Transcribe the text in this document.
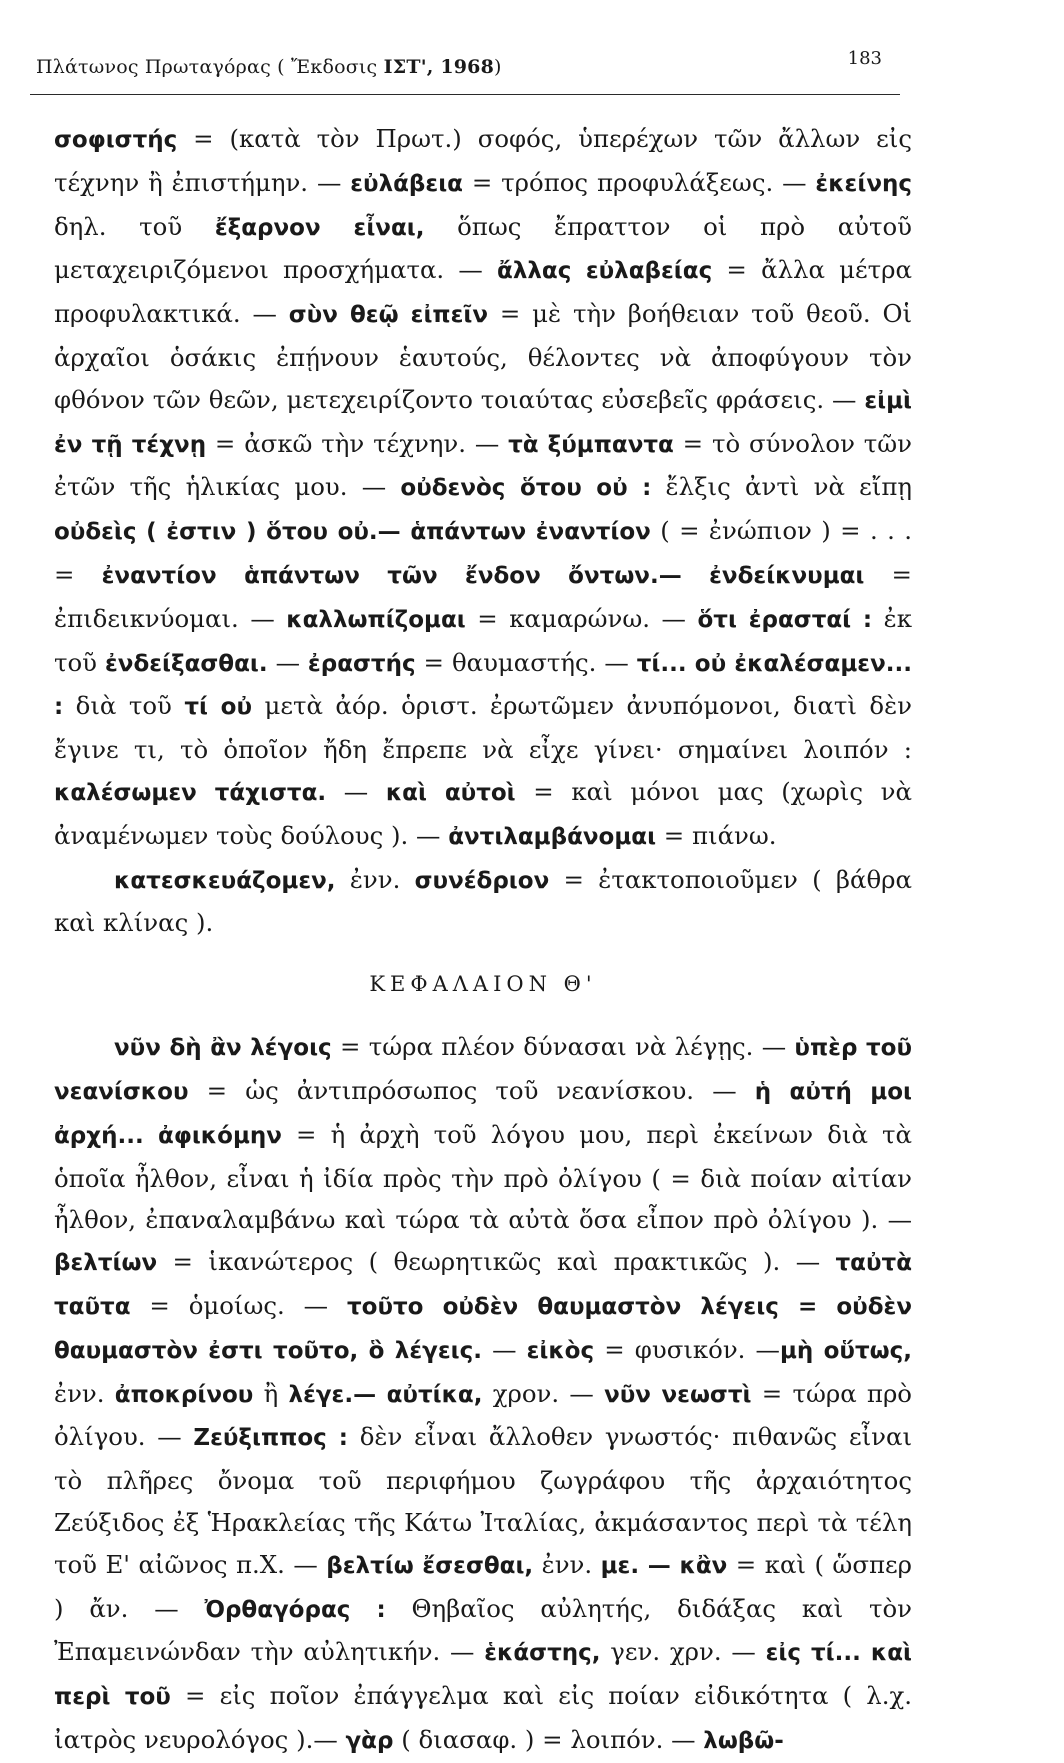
Πλάτωνος Πρωταγόρας ( Ἔκδοσις ΙΣΤ', 1968)	183

σοφιστής = (κατὰ τὸν Πρωτ.) σοφός, ὑπερέχων τῶν ἄλλων εἰς τέχνην ἢ ἐπιστήμην. — εὐλάβεια = τρόπος προφυλάξεως. — ἐκείνης δηλ. τοῦ ἔξαρνον εἶναι, ὅπως ἔπραττον οἱ πρὸ αὐτοῦ μεταχειριζόμενοι προσχήματα. — ἄλλας εὐλαβείας = ἄλλα μέτρα προφυλακτικά. — σὺν θεῷ εἰπεῖν = μὲ τὴν βοήθειαν τοῦ θεοῦ. Οἱ ἀρχαῖοι ὁσάκις ἐπῄνουν ἑαυτούς, θέλοντες νὰ ἀποφύγουν τὸν φθόνον τῶν θεῶν, μετεχειρίζοντο τοιαύτας εὐσεβεῖς φράσεις. — εἰμὶ ἐν τῇ τέχνῃ = ἀσκῶ τὴν τέχνην. — τὰ ξύμπαντα = τὸ σύνολον τῶν ἐτῶν τῆς ἡλικίας μου. — οὐδενὸς ὅτου οὐ : ἔλξις ἀντὶ νὰ εἴπῃ οὐδεὶς ( ἐστιν ) ὅτου οὐ.— ἁπάντων ἐναντίον ( = ἐνώπιον ) = . . . = ἐναντίον ἁπάντων τῶν ἔνδον ὄντων.— ἐνδείκνυμαι = ἐπιδεικνύομαι. — καλλωπίζομαι = καμαρώνω. — ὅτι ἐρασταί : ἐκ τοῦ ἐνδείξασθαι. — ἐραστής = θαυμαστής. — τί... οὐ ἐκαλέσαμεν... : διὰ τοῦ τί οὐ μετὰ ἀόρ. ὁριστ. ἐρωτῶμεν ἀνυπόμονοι, διατὶ δὲν ἔγινε τι, τὸ ὁποῖον ἤδη ἔπρεπε νὰ εἶχε γίνει· σημαίνει λοιπόν : καλέσωμεν τάχιστα. — καὶ αὐτοὶ = καὶ μόνοι μας (χωρὶς νὰ ἀναμένωμεν τοὺς δούλους ). — ἀντιλαμβάνομαι = πιάνω.

κατεσκευάζομεν, ἐνν. συνέδριον = ἐτακτοποιοῦμεν ( βάθρα καὶ κλίνας ).

ΚΕΦΑΛΑΙΟΝ Θ'

νῦν δὴ ἂν λέγοις = τώρα πλέον δύνασαι νὰ λέγῃς. — ὑπὲρ τοῦ νεανίσκου = ὡς ἀντιπρόσωπος τοῦ νεανίσκου. — ἡ αὐτή μοι ἀρχή... ἀφικόμην = ἡ ἀρχὴ τοῦ λόγου μου, περὶ ἐκείνων διὰ τὰ ὁποῖα ἦλθον, εἶναι ἡ ἰδία πρὸς τὴν πρὸ ὀλίγου ( = διὰ ποίαν αἰτίαν ἦλθον, ἐπαναλαμβάνω καὶ τώρα τὰ αὐτὰ ὅσα εἶπον πρὸ ὀλίγου ). —βελτίων = ἱκανώτερος ( θεωρητικῶς καὶ πρακτικῶς ). — ταὐτὰ ταῦτα = ὁμοίως. — τοῦτο οὐδὲν θαυμαστὸν λέγεις = οὐδὲν θαυμαστὸν ἐστι τοῦτο, ὃ λέγεις. — εἰκὸς = φυσικόν. —μὴ οὕτως, ἐνν. ἀποκρίνου ἢ λέγε.— αὐτίκα, χρον. — νῦν νεωστὶ = τώρα πρὸ ὀλίγου. — Ζεύξιππος : δὲν εἶναι ἄλλοθεν γνωστός· πιθανῶς εἶναι τὸ πλῆρες ὄνομα τοῦ περιφήμου ζωγράφου τῆς ἀρχαιότητος Ζεύξιδος ἐξ Ἡρακλείας τῆς Κάτω Ἰταλίας, ἀκμάσαντος περὶ τὰ τέλη τοῦ Ε' αἰῶνος π.Χ. — βελτίω ἔσεσθαι, ἐνν. με. — κἂν = καὶ ( ὥσπερ ) ἄν. — Ὀρθαγόρας : Θηβαῖος αὐλητής, διδάξας καὶ τὸν Ἐπαμεινώνδαν τὴν αὐλητικήν. — ἑκάστης, γεν. χρν. — εἰς τί... καὶ περὶ τοῦ = εἰς ποῖον ἐπάγγελμα καὶ εἰς ποίαν εἰδικότητα ( λ.χ. ἰατρὸς νευρολόγος ).— γὰρ ( διασαφ. ) = λοιπόν. — λωβῶ-
